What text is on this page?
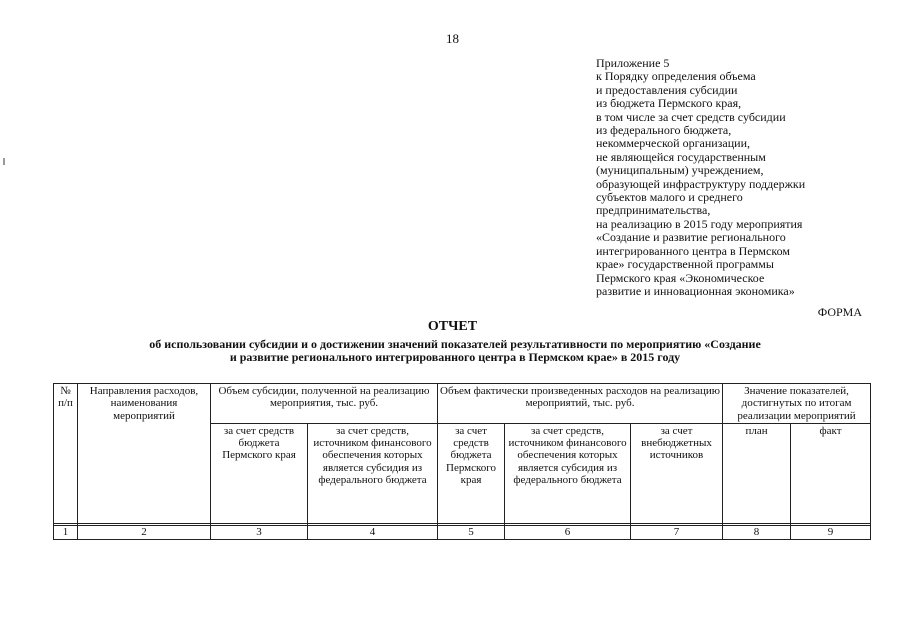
18
Приложение 5
к Порядку определения объема
и предоставления субсидии
из бюджета Пермского края,
в том числе за счет средств субсидии
из федерального бюджета,
некоммерческой организации,
не являющейся государственным
(муниципальным) учреждением,
образующей инфраструктуру поддержки
субъектов малого и среднего
предпринимательства,
на реализацию в 2015 году мероприятия
«Создание и развитие регионального
интегрированного центра в Пермском
крае» государственной программы
Пермского края «Экономическое
развитие и инновационная экономика»
ФОРМА
ОТЧЕТ
об использовании субсидии и о достижении значений показателей результативности по мероприятию «Создание
и развитие регионального интегрированного центра в Пермском крае» в 2015 году
№ п/п	Направления расходов, наименования мероприятий	Объем субсидии, полученной на реализацию мероприятия, тыс. руб.		Объем фактически произведенных расходов на реализацию мероприятий, тыс. руб.			Значение показателей, достигнутых по итогам реализации мероприятий	
		за счет средств бюджета Пермского края	за счет средств, источником финансового обеспечения которых является субсидия из федерального бюджета	за счет средств бюджета Пермского края	за счет средств, источником финансового обеспечения которых является субсидия из федерального бюджета	за счет внебюджетных источников	план	факт

1	2	3	4	5	6	7	8	9
